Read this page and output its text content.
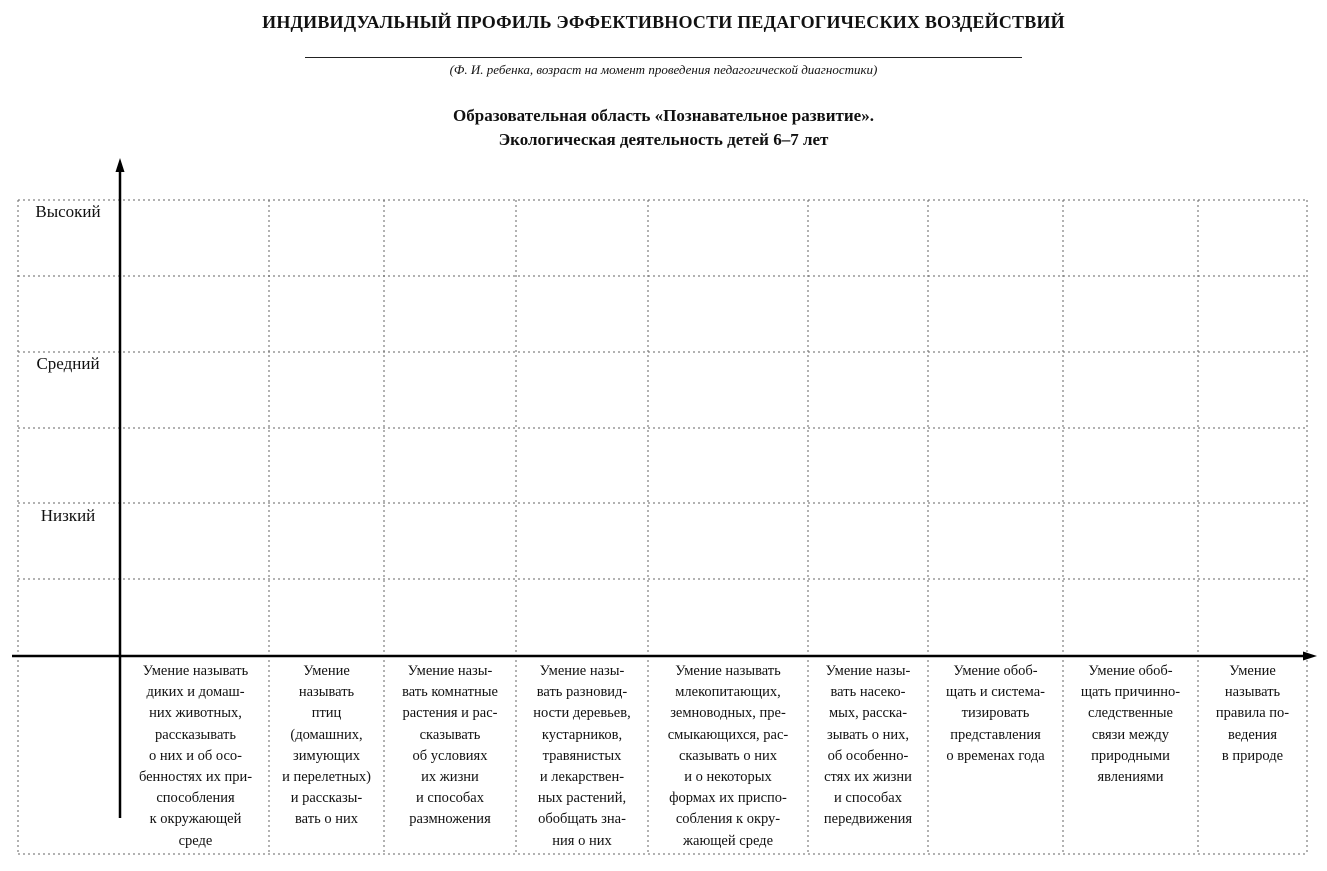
ИНДИВИДУАЛЬНЫЙ ПРОФИЛЬ ЭФФЕКТИВНОСТИ ПЕДАГОГИЧЕСКИХ ВОЗДЕЙСТВИЙ
(Ф. И. ребенка, возраст на момент проведения педагогической диагностики)
Образовательная область «Познавательное развитие».
Экологическая деятельность детей 6–7 лет
Высокий
Средний
Низкий
Умение называть
диких и домаш-
них животных,
рассказывать
о них и об осо-
бенностях их при-
способления
к окружающей
среде
Умение
называть
птиц
(домашних,
зимующих
и перелетных)
и рассказы-
вать о них
Умение назы-
вать комнатные
растения и рас-
сказывать
об условиях
их жизни
и способах
размножения
Умение назы-
вать разновид-
ности деревьев,
кустарников,
травянистых
и лекарствен-
ных растений,
обобщать зна-
ния о них
Умение называть
млекопитающих,
земноводных, пре-
смыкающихся, рас-
сказывать о них
и о некоторых
формах их приспо-
собления к окру-
жающей среде
Умение назы-
вать насеко-
мых, расска-
зывать о них,
об особенно-
стях их жизни
и способах
передвижения
Умение обоб-
щать и система-
тизировать
представления
о временах года
Умение обоб-
щать причинно-
следственные
связи между
природными
явлениями
Умение
называть
правила по-
ведения
в природе
